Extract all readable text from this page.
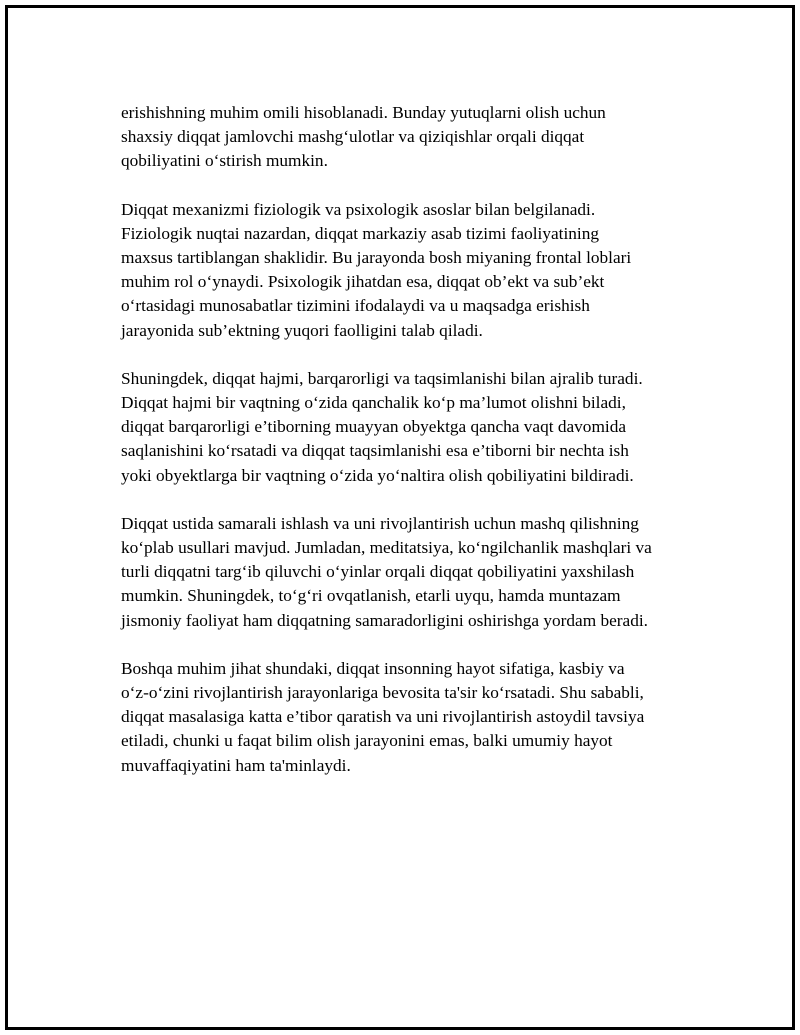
erishishning muhim omili hisoblanadi. Bunday yutuqlarni olish uchun
shaxsiy diqqat jamlovchi mashg‘ulotlar va qiziqishlar orqali diqqat
qobiliyatini o‘stirish mumkin.

Diqqat mexanizmi fiziologik va psixologik asoslar bilan belgilanadi.
Fiziologik nuqtai nazardan, diqqat markaziy asab tizimi faoliyatining
maxsus tartiblangan shaklidir. Bu jarayonda bosh miyaning frontal loblari
muhim rol o‘ynaydi. Psixologik jihatdan esa, diqqat ob’ekt va sub’ekt
o‘rtasidagi munosabatlar tizimini ifodalaydi va u maqsadga erishish
jarayonida sub’ektning yuqori faolligini talab qiladi.

Shuningdek, diqqat hajmi, barqarorligi va taqsimlanishi bilan ajralib turadi.
Diqqat hajmi bir vaqtning o‘zida qanchalik ko‘p ma’lumot olishni biladi,
diqqat barqarorligi e’tiborning muayyan obyektga qancha vaqt davomida
saqlanishini ko‘rsatadi va diqqat taqsimlanishi esa e’tiborni bir nechta ish
yoki obyektlarga bir vaqtning o‘zida yo‘naltira olish qobiliyatini bildiradi.

Diqqat ustida samarali ishlash va uni rivojlantirish uchun mashq qilishning
ko‘plab usullari mavjud. Jumladan, meditatsiya, ko‘ngilchanlik mashqlari va
turli diqqatni targ‘ib qiluvchi o‘yinlar orqali diqqat qobiliyatini yaxshilash
mumkin. Shuningdek, to‘g‘ri ovqatlanish, etarli uyqu, hamda muntazam
jismoniy faoliyat ham diqqatning samaradorligini oshirishga yordam beradi.

Boshqa muhim jihat shundaki, diqqat insonning hayot sifatiga, kasbiy va
o‘z-o‘zini rivojlantirish jarayonlariga bevosita ta'sir ko‘rsatadi. Shu sababli,
diqqat masalasiga katta e’tibor qaratish va uni rivojlantirish astoydil tavsiya
etiladi, chunki u faqat bilim olish jarayonini emas, balki umumiy hayot
muvaffaqiyatini ham ta'minlaydi.
